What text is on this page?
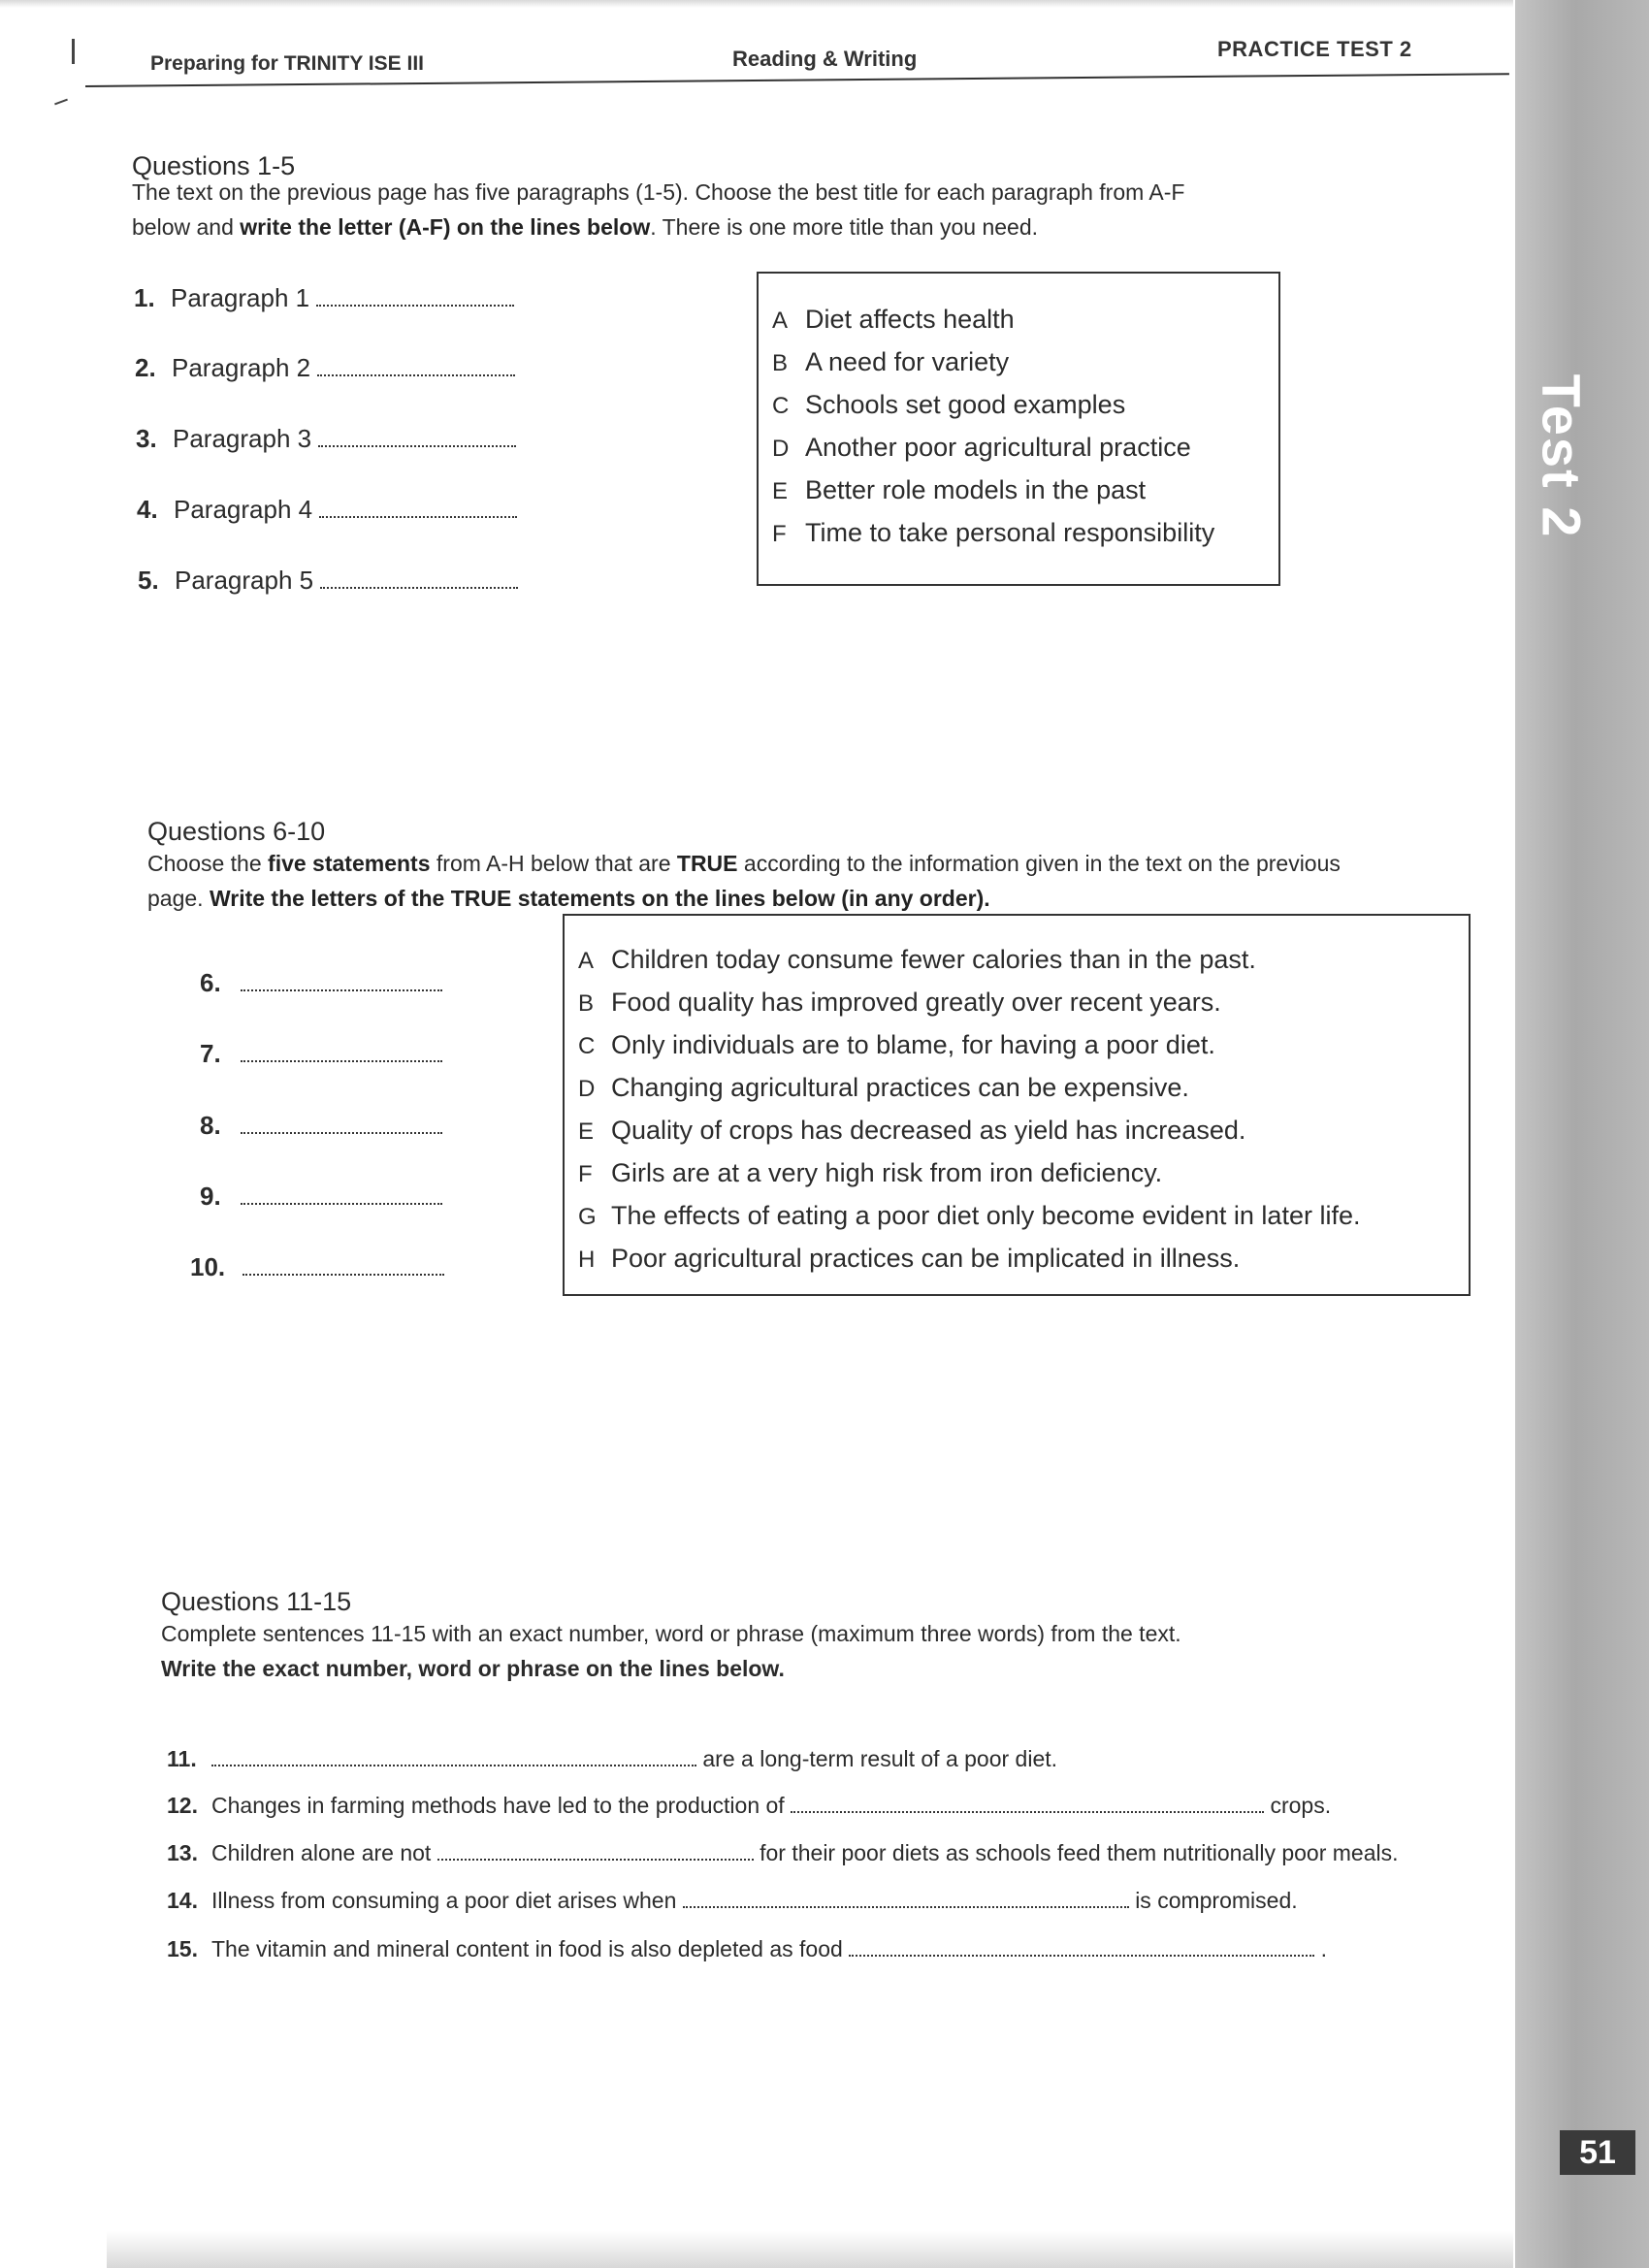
Test 2
51
Preparing for TRINITY ISE III	Reading & Writing	PRACTICE TEST 2
Questions 1-5
The text on the previous page has five paragraphs (1-5). Choose the best title for each paragraph from A-F
below and write the letter (A-F) on the lines below. There is one more title than you need.
1. Paragraph 1
2. Paragraph 2
3. Paragraph 3
4. Paragraph 4
5. Paragraph 5
A Diet affects health
B A need for variety
C Schools set good examples
D Another poor agricultural practice
E Better role models in the past
F Time to take personal responsibility
Questions 6-10
Choose the five statements from A-H below that are TRUE according to the information given in the text on the previous
page. Write the letters of the TRUE statements on the lines below (in any order).
6.
7.
8.
9.
10.
A Children today consume fewer calories than in the past.
B Food quality has improved greatly over recent years.
C Only individuals are to blame, for having a poor diet.
D Changing agricultural practices can be expensive.
E Quality of crops has decreased as yield has increased.
F Girls are at a very high risk from iron deficiency.
G The effects of eating a poor diet only become evident in later life.
H Poor agricultural practices can be implicated in illness.
Questions 11-15
Complete sentences 11-15 with an exact number, word or phrase (maximum three words) from the text.
Write the exact number, word or phrase on the lines below.
11.	are a long-term result of a poor diet.
12. Changes in farming methods have led to the production of	crops.
13. Children alone are not	for their poor diets as schools feed them nutritionally poor meals.
14. Illness from consuming a poor diet arises when	is compromised.
15. The vitamin and mineral content in food is also depleted as food	.
